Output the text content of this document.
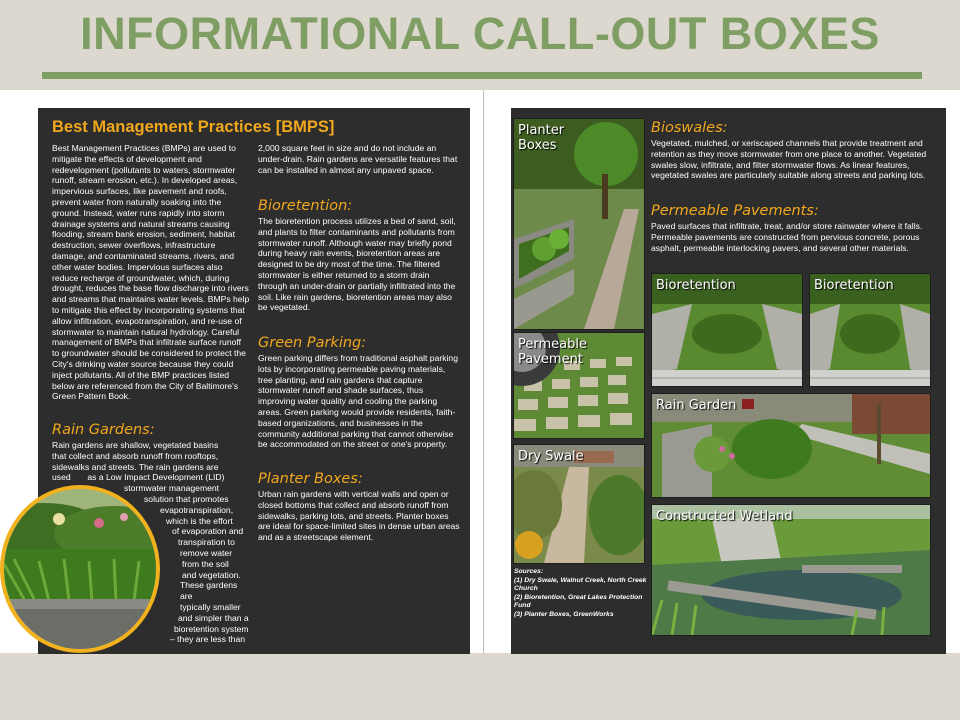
INFORMATIONAL CALL-OUT BOXES
Best Management Practices [BMPS]

Best Management Practices (BMPs) are used to mitigate the effects of development and redevelopment (pollutants to waters, stormwater runoff, stream erosion, etc.). In developed areas, impervious surfaces, like pavement and roofs, prevent water from naturally soaking into the ground. Instead, water runs rapidly into storm drainage systems and natural streams causing flooding, stream bank erosion, sediment, habitat destruction, sewer overflows, infrastructure damage, and contaminated streams, rivers, and other water bodies. Impervious surfaces also reduce recharge of groundwater, which, during drought, reduces the base flow discharge into rivers and streams that maintains water levels. BMPs help to mitigate this effect by incorporating systems that allow infiltration, evapotranspiration, and re-use of stormwater to maintain natural hydrology. Careful management of BMPs that infiltrate surface runoff to groundwater should be considered to protect the City's drinking water source because they could inject pollutants. All of the BMP practices listed below are referenced from the City of Baltimore's Green Pattern Book.

Rain Gardens:
Rain gardens are shallow, vegetated basins
that collect and absorb runoff from rooftops,
sidewalks and streets. The rain gardens are
used       as a Low Impact Development (LID)
stormwater management
solution that promotes
evapotranspiration,
which is the effort
of evaporation and
transpiration to
remove water
from the soil
and vegetation.
These gardens are
typically smaller
and simpler than a
bioretention system
– they are less than

2,000 square feet in size and do not include an under-drain. Rain gardens are versatile features that can be installed in almost any unpaved space.

Bioretention:

The bioretention process utilizes a bed of sand, soil, and plants to filter contaminants and pollutants from stormwater runoff. Although water may briefly pond during heavy rain events, bioretention areas are designed to be dry most of the time. The filtered stormwater is either returned to a storm drain through an under-drain or partially infiltrated into the soil. Like rain gardens, bioretention areas may also be vegetated.

Green Parking:

Green parking differs from traditional asphalt parking lots by incorporating permeable paving materials, tree planting, and rain gardens that capture stormwater runoff and shade surfaces, thus improving water quality and cooling the parking areas. Green parking would provide residents, faith-based organizations, and businesses in the community additional parking that cannot otherwise be accommodated on the street or one's property.

Planter Boxes:

Urban rain gardens with vertical walls and open or closed bottoms that collect and absorb runoff from sidewalks, parking lots, and streets. Planter boxes are ideal for space-limited sites in dense urban areas and as a streetscape element.

Planter
Boxes
Permeable
Pavement
Dry Swale
Sources:
(1) Dry Swale, Walnut Creek, North Creek Church
(2) Bioretention, Great Lakes Protection Fund
(3) Planter Boxes, GreenWorks
Bioswales:

Vegetated, mulched, or xeriscaped channels that provide treatment and retention as they move stormwater from one place to another. Vegetated swales slow, infiltrate, and filter stormwater flows. As linear features, vegetated swales are particularly suitable along streets and parking lots.

Permeable Pavements:

Paved surfaces that infiltrate, treat, and/or store rainwater where it falls. Permeable pavements are constructed from pervious concrete, porous asphalt, permeable interlocking pavers, and several other materials.

Bioretention	Bioretention
Rain Garden
Constructed Wetland
